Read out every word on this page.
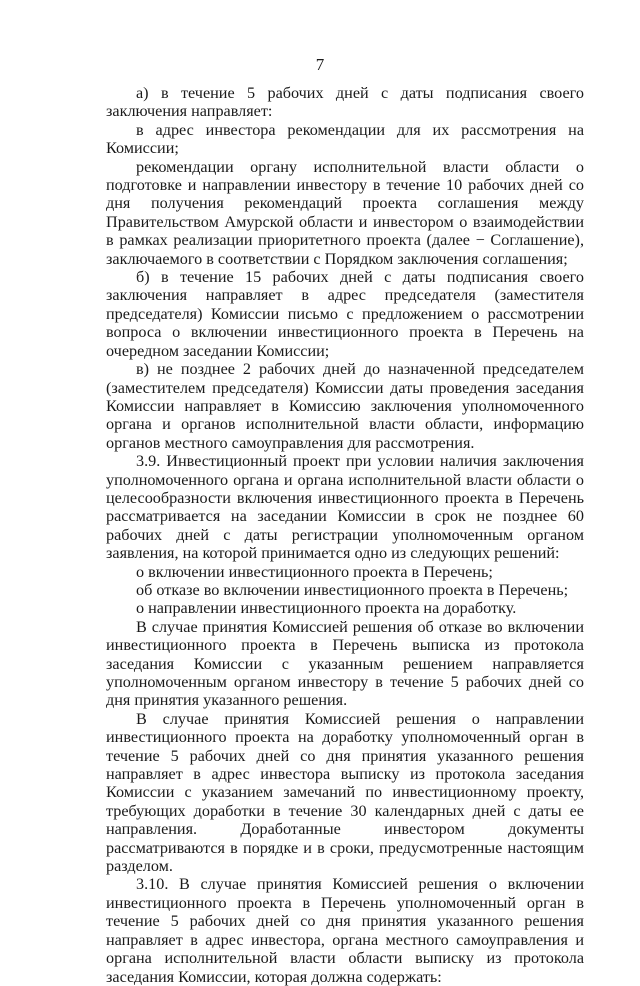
7

а) в течение 5 рабочих дней с даты подписания своего заключения направляет:

в адрес инвестора рекомендации для их рассмотрения на Комиссии;

рекомендации органу исполнительной власти области о подготовке и направлении инвестору в течение 10 рабочих дней со дня получения рекомендаций проекта соглашения между Правительством Амурской области и инвестором о взаимодействии в рамках реализации приоритетного проекта (далее − Соглашение), заключаемого в соответствии с Порядком заключения соглашения;

б) в течение 15 рабочих дней с даты подписания своего заключения направляет в адрес председателя (заместителя председателя) Комиссии письмо с предложением о рассмотрении вопроса о включении инвестиционного проекта в Перечень на очередном заседании Комиссии;

в) не позднее 2 рабочих дней до назначенной председателем (заместителем председателя) Комиссии даты проведения заседания Комиссии направляет в Комиссию заключения уполномоченного органа и органов исполнительной власти области, информацию органов местного самоуправления для рассмотрения.

3.9. Инвестиционный проект при условии наличия заключения уполномоченного органа и органа исполнительной власти области о целесообразности включения инвестиционного проекта в Перечень рассматривается на заседании Комиссии в срок не позднее 60 рабочих дней с даты регистрации уполномоченным органом заявления, на которой принимается одно из следующих решений:

о включении инвестиционного проекта в Перечень;

об отказе во включении инвестиционного проекта в Перечень;

о направлении инвестиционного проекта на доработку.

В случае принятия Комиссией решения об отказе во включении инвестиционного проекта в Перечень выписка из протокола заседания Комиссии с указанным решением направляется уполномоченным органом инвестору в течение 5 рабочих дней со дня принятия указанного решения.

В случае принятия Комиссией решения о направлении инвестиционного проекта на доработку уполномоченный орган в течение 5 рабочих дней со дня принятия указанного решения направляет в адрес инвестора выписку из протокола заседания Комиссии с указанием замечаний по инвестиционному проекту, требующих доработки в течение 30 календарных дней с даты ее направления. Доработанные инвестором документы рассматриваются в порядке и в сроки, предусмотренные настоящим разделом.

3.10. В случае принятия Комиссией решения о включении инвестиционного проекта в Перечень уполномоченный орган в течение 5 рабочих дней со дня принятия указанного решения направляет в адрес инвестора, органа местного самоуправления и органа исполнительной власти области выписку из протокола заседания Комиссии, которая должна содержать:
